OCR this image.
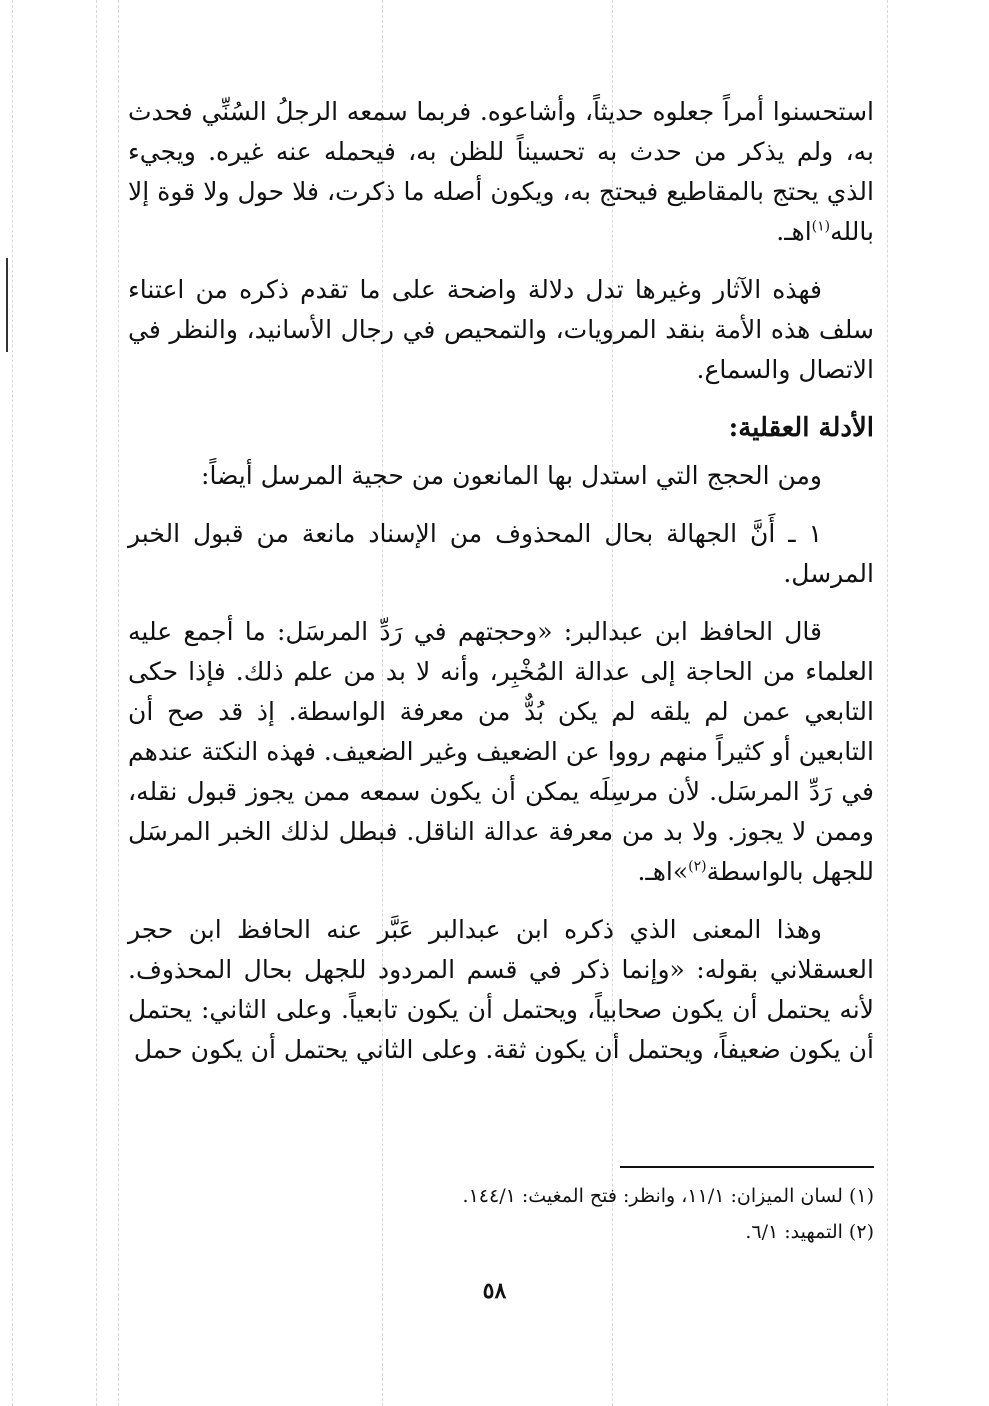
استحسنوا أمراً جعلوه حديثاً، وأشاعوه. فربما سمعه الرجلُ السُنِّي فحدث به، ولم يذكر من حدث به تحسيناً للظن به، فيحمله عنه غيره. ويجيء الذي يحتج بالمقاطيع فيحتج به، ويكون أصله ما ذكرت، فلا حول ولا قوة إلا بالله$^{(١)}$اهـ.

فهذه الآثار وغيرها تدل دلالة واضحة على ما تقدم ذكره من اعتناء سلف هذه الأمة بنقد المرويات، والتمحيص في رجال الأسانيد، والنظر في الاتصال والسماع.

الأدلة العقلية:

ومن الحجج التي استدل بها المانعون من حجية المرسل أيضاً:

١ ـ أَنَّ الجهالة بحال المحذوف من الإسناد مانعة من قبول الخبر المرسل.

قال الحافظ ابن عبدالبر: «وحجتهم في رَدِّ المرسَل: ما أجمع عليه العلماء من الحاجة إلى عدالة المُخْبِر، وأنه لا بد من علم ذلك. فإذا حكى التابعي عمن لم يلقه لم يكن بُدٌّ من معرفة الواسطة. إذ قد صح أن التابعين أو كثيراً منهم رووا عن الضعيف وغير الضعيف. فهذه النكتة عندهم في رَدِّ المرسَل. لأن مرسِلَه يمكن أن يكون سمعه ممن يجوز قبول نقله، وممن لا يجوز. ولا بد من معرفة عدالة الناقل. فبطل لذلك الخبر المرسَل للجهل بالواسطة$^{(٢)}$»اهـ.

وهذا المعنى الذي ذكره ابن عبدالبر عَبَّر عنه الحافظ ابن حجر العسقلاني بقوله: «وإنما ذكر في قسم المردود للجهل بحال المحذوف. لأنه يحتمل أن يكون صحابياً، ويحتمل أن يكون تابعياً. وعلى الثاني: يحتمل أن يكون ضعيفاً، ويحتمل أن يكون ثقة. وعلى الثاني يحتمل أن يكون حمل

(١) لسان الميزان: ١١/١، وانظر: فتح المغيث: ١٤٤/١.

(٢) التمهيد: ٦/١.

٥٨
